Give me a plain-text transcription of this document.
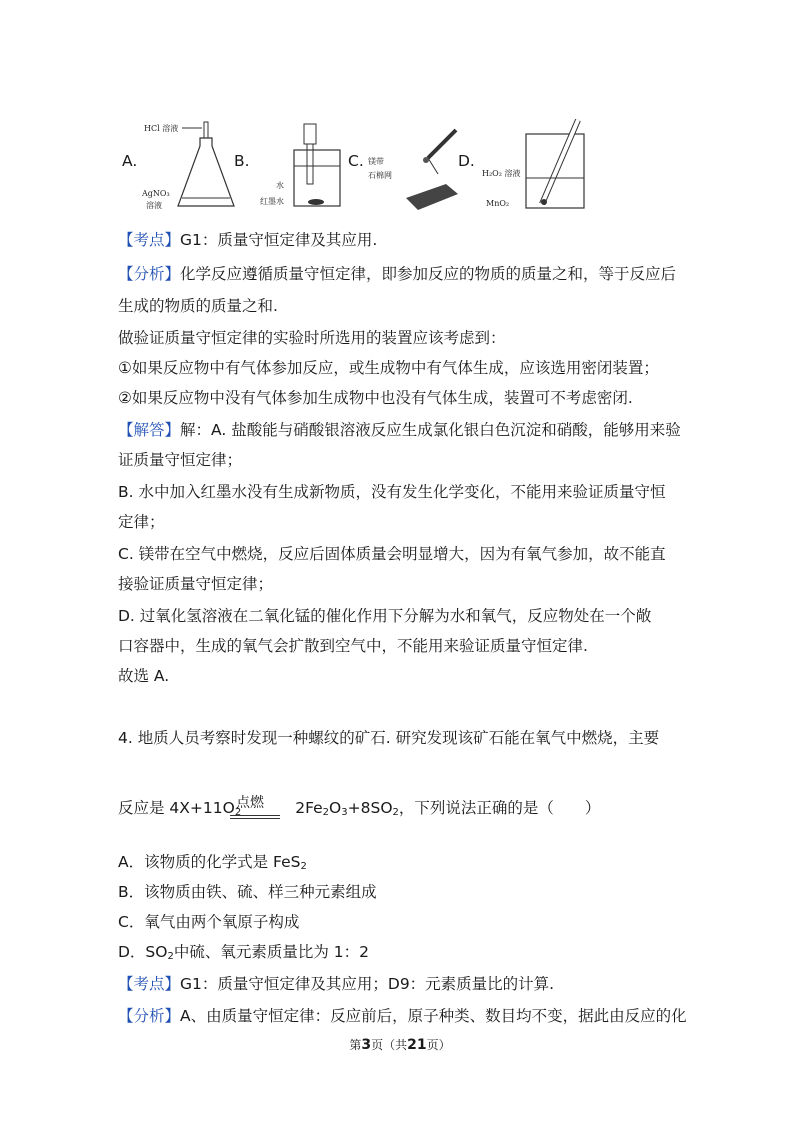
A.
HCl 溶液
AgNO₃
溶液
B.
水
红墨水
C. 镁带
石棉网
D.
H₂O₂ 溶液
MnO₂
【考点】G1：质量守恒定律及其应用.
【分析】化学反应遵循质量守恒定律，即参加反应的物质的质量之和，等于反应后
生成的物质的质量之和.
做验证质量守恒定律的实验时所选用的装置应该考虑到：
①如果反应物中有气体参加反应，或生成物中有气体生成，应该选用密闭装置；
②如果反应物中没有气体参加生成物中也没有气体生成，装置可不考虑密闭.
【解答】解：A. 盐酸能与硝酸银溶液反应生成氯化银白色沉淀和硝酸，能够用来验
证质量守恒定律；
B. 水中加入红墨水没有生成新物质，没有发生化学变化，不能用来验证质量守恒
定律；
C. 镁带在空气中燃烧，反应后固体质量会明显增大，因为有氧气参加，故不能直
接验证质量守恒定律；
D. 过氧化氢溶液在二氧化锰的催化作用下分解为水和氧气，反应物处在一个敞
口容器中，生成的氧气会扩散到空气中，不能用来验证质量守恒定律.
故选 A.
4. 地质人员考察时发现一种螺纹的矿石. 研究发现该矿石能在氧气中燃烧，主要
点燃
反应是 $4X+11O_2$	$2Fe_2O_3+8SO_2$，下列说法正确的是（　　）
A．该物质的化学式是 FeS$_2$
B．该物质由铁、硫、样三种元素组成
C．氧气由两个氧原子构成
D．$SO_2$中硫、氧元素质量比为 1：2
【考点】G1：质量守恒定律及其应用；D9：元素质量比的计算.
【分析】A、由质量守恒定律：反应前后，原子种类、数目均不变，据此由反应的化
第3页（共21页）
